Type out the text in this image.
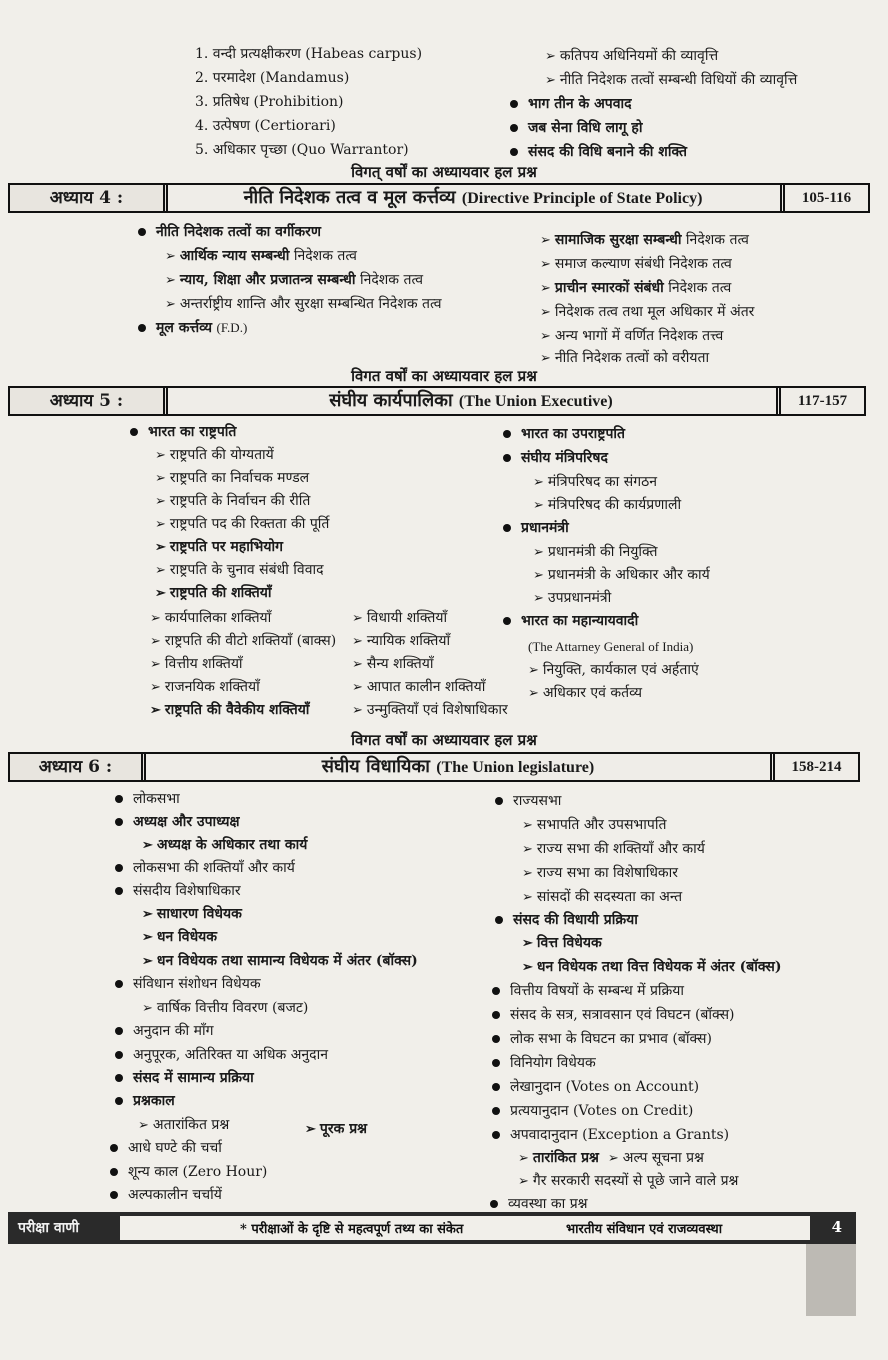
1. वन्दी प्रत्यक्षीकरण (Habeas carpus)
2. परमादेश (Mandamus)
3. प्रतिषेध (Prohibition)
4. उत्पेषण (Certiorari)
5. अधिकार पृच्छा (Quo Warrantor)
➢ कतिपय अधिनियमों की व्यावृत्ति
➢ नीति निदेशक तत्वों सम्बन्धी विधियों की व्यावृत्ति
भाग तीन के अपवाद
जब सेना विधि लागू हो
संसद की विधि बनाने की शक्ति
विगत् वर्षों का अध्यायवार हल प्रश्न
अध्याय 4 :	नीति निदेशक तत्व व मूल कर्त्तव्य (Directive Principle of State Policy)	105-116
नीति निदेशक तत्वों का वर्गीकरण
➢ आर्थिक न्याय सम्बन्धी निदेशक तत्व
➢ न्याय, शिक्षा और प्रजातन्त्र सम्बन्धी निदेशक तत्व
➢ अन्तर्राष्ट्रीय शान्ति और सुरक्षा सम्बन्धित निदेशक तत्व
मूल कर्त्तव्य (F.D.)
➢ सामाजिक सुरक्षा सम्बन्धी निदेशक तत्व
➢ समाज कल्याण संबंधी निदेशक तत्व
➢ प्राचीन स्मारकों संबंधी निदेशक तत्व
➢ निदेशक तत्व तथा मूल अधिकार में अंतर
➢ अन्य भागों में वर्णित निदेशक तत्त्व
➢ नीति निदेशक तत्वों को वरीयता
विगत वर्षों का अध्यायवार हल प्रश्न
अध्याय 5 :	संघीय कार्यपालिका (The Union Executive)	117-157
भारत का राष्ट्रपति
➢ राष्ट्रपति की योग्यतायें
➢ राष्ट्रपति का निर्वाचक मण्डल
➢ राष्ट्रपति के निर्वाचन की रीति
➢ राष्ट्रपति पद की रिक्तता की पूर्ति
➢ राष्ट्रपति पर महाभियोग
➢ राष्ट्रपति के चुनाव संबंधी विवाद
➢ राष्ट्रपति की शक्तियाँ
➢ कार्यपालिका शक्तियाँ
➢ राष्ट्रपति की वीटो शक्तियाँ (बाक्स)
➢ वित्तीय शक्तियाँ
➢ राजनयिक शक्तियाँ
➢ राष्ट्रपति की वैवेकीय शक्तियाँ
➢ विधायी शक्तियाँ
➢ न्यायिक शक्तियाँ
➢ सैन्य शक्तियाँ
➢ आपात कालीन शक्तियाँ
➢ उन्मुक्तियाँ एवं विशेषाधिकार
भारत का उपराष्ट्रपति
संघीय मंत्रिपरिषद
➢ मंत्रिपरिषद का संगठन
➢ मंत्रिपरिषद की कार्यप्रणाली
प्रधानमंत्री
➢ प्रधानमंत्री की नियुक्ति
➢ प्रधानमंत्री के अधिकार और कार्य
➢ उपप्रधानमंत्री
भारत का महान्यायवादी
(The Attarney General of India)
➢ नियुक्ति, कार्यकाल एवं अर्हताएं
➢ अधिकार एवं कर्तव्य
विगत वर्षों का अध्यायवार हल प्रश्न
अध्याय 6 :	संघीय विधायिका (The Union legislature)	158-214
लोकसभा
अध्यक्ष और उपाध्यक्ष
➢ अध्यक्ष के अधिकार तथा कार्य
लोकसभा की शक्तियाँ और कार्य
संसदीय विशेषाधिकार
➢ साधारण विधेयक
➢ धन विधेयक
➢ धन विधेयक तथा सामान्य विधेयक में अंतर (बॉक्स)
संविधान संशोधन विधेयक
➢ वार्षिक वित्तीय विवरण (बजट)
अनुदान की माँग
अनुपूरक, अतिरिक्त या अधिक अनुदान
संसद में सामान्य प्रक्रिया
प्रश्नकाल
➢ अतारांकित प्रश्न	➢ पूरक प्रश्न
आधे घण्टे की चर्चा
शून्य काल (Zero Hour)
अल्पकालीन चर्चायें
राज्यसभा
➢ सभापति और उपसभापति
➢ राज्य सभा की शक्तियाँ और कार्य
➢ राज्य सभा का विशेषाधिकार
➢ सांसदों की सदस्यता का अन्त
संसद की विधायी प्रक्रिया
➢ वित्त विधेयक
➢ धन विधेयक तथा वित्त विधेयक में अंतर (बॉक्स)
वित्तीय विषयों के सम्बन्ध में प्रक्रिया
संसद के सत्र, सत्रावसान एवं विघटन (बॉक्स)
लोक सभा के विघटन का प्रभाव (बॉक्स)
विनियोग विधेयक
लेखानुदान (Votes on Account)
प्रत्ययानुदान (Votes on Credit)
अपवादानुदान (Exception a Grants)
➢ तारांकित प्रश्न ➢ अल्प सूचना प्रश्न
➢ गैर सरकारी सदस्यों से पूछे जाने वाले प्रश्न
व्यवस्था का प्रश्न
परीक्षा वाणी	* परीक्षाओं के दृष्टि से महत्वपूर्ण तथ्य का संकेत	भारतीय संविधान एवं राजव्यवस्था	4
